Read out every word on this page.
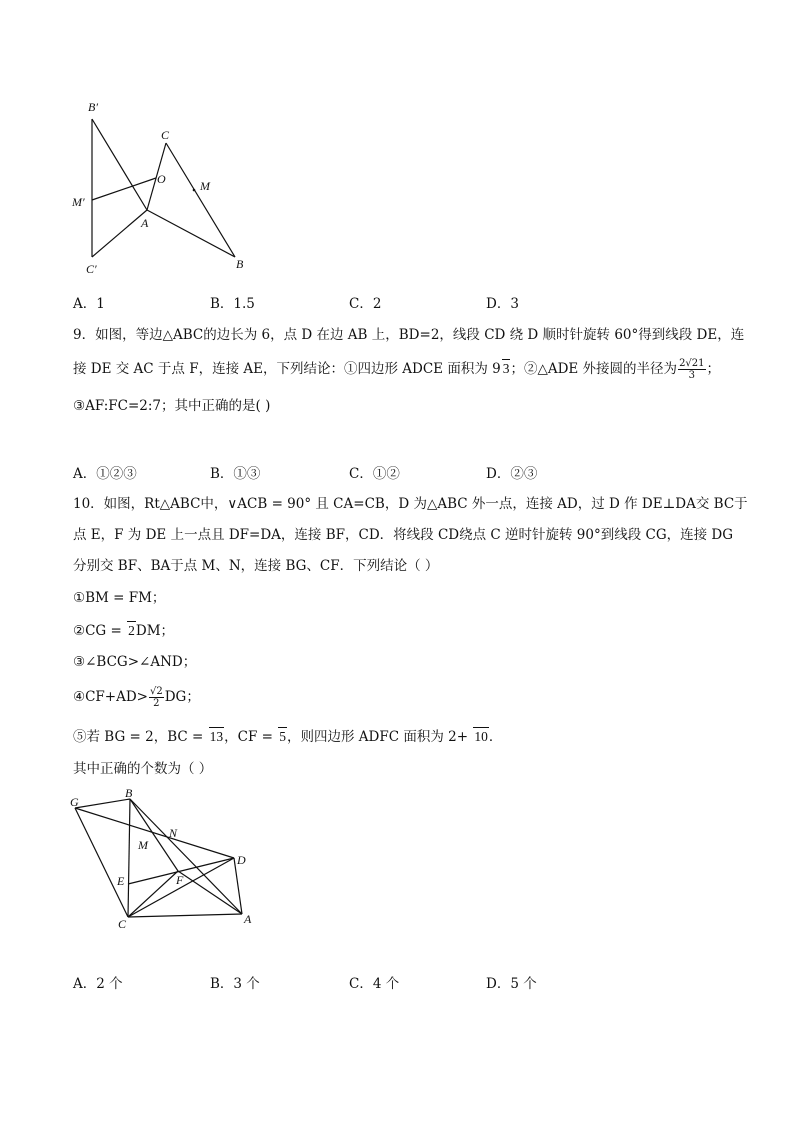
B′
C
O	M
M′
A
C′	B
A．1	B．1.5	C．2	D．3
9．如图，等边△ABC的边长为 6，点 D 在边 AB 上，BD=2，线段 CD 绕 D 顺时针旋转 60°得到线段 DE，连
接 DE 交 AC 于点 F，连接 AE，下列结论：①四边形 ADCE 面积为 9 3；②△ADE 外接圆的半径为 $\frac{2√21}{3}$ ；
③AF:FC=2:7；其中正确的是( )
A．①②③	B．①③	C．①②	D．②③
10．如图，Rt△ABC中，∨ACB = 90° 且 CA=CB，D 为△ABC 外一点，连接 AD，过 D 作 DE⊥DA交 BC于
点 E，F 为 DE 上一点且 DF=DA，连接 BF，CD．将线段 CD绕点 C 逆时针旋转 90°到线段 CG，连接 DG
分别交 BF、BA于点 M、N，连接 BG、CF．下列结论（ ）
①BM = FM；
②CG = 2DM；
③∠BCG>∠AND；
④CF+AD> $\frac{√2}{2}$ DG；
⑤若 BG = 2，BC = 13，CF = 5，则四边形 ADFC 面积为 2+ 10．
其中正确的个数为（ ）
G
B
N
M
D
E	F
C	A
A．2 个	B．3 个	C．4 个	D．5 个
